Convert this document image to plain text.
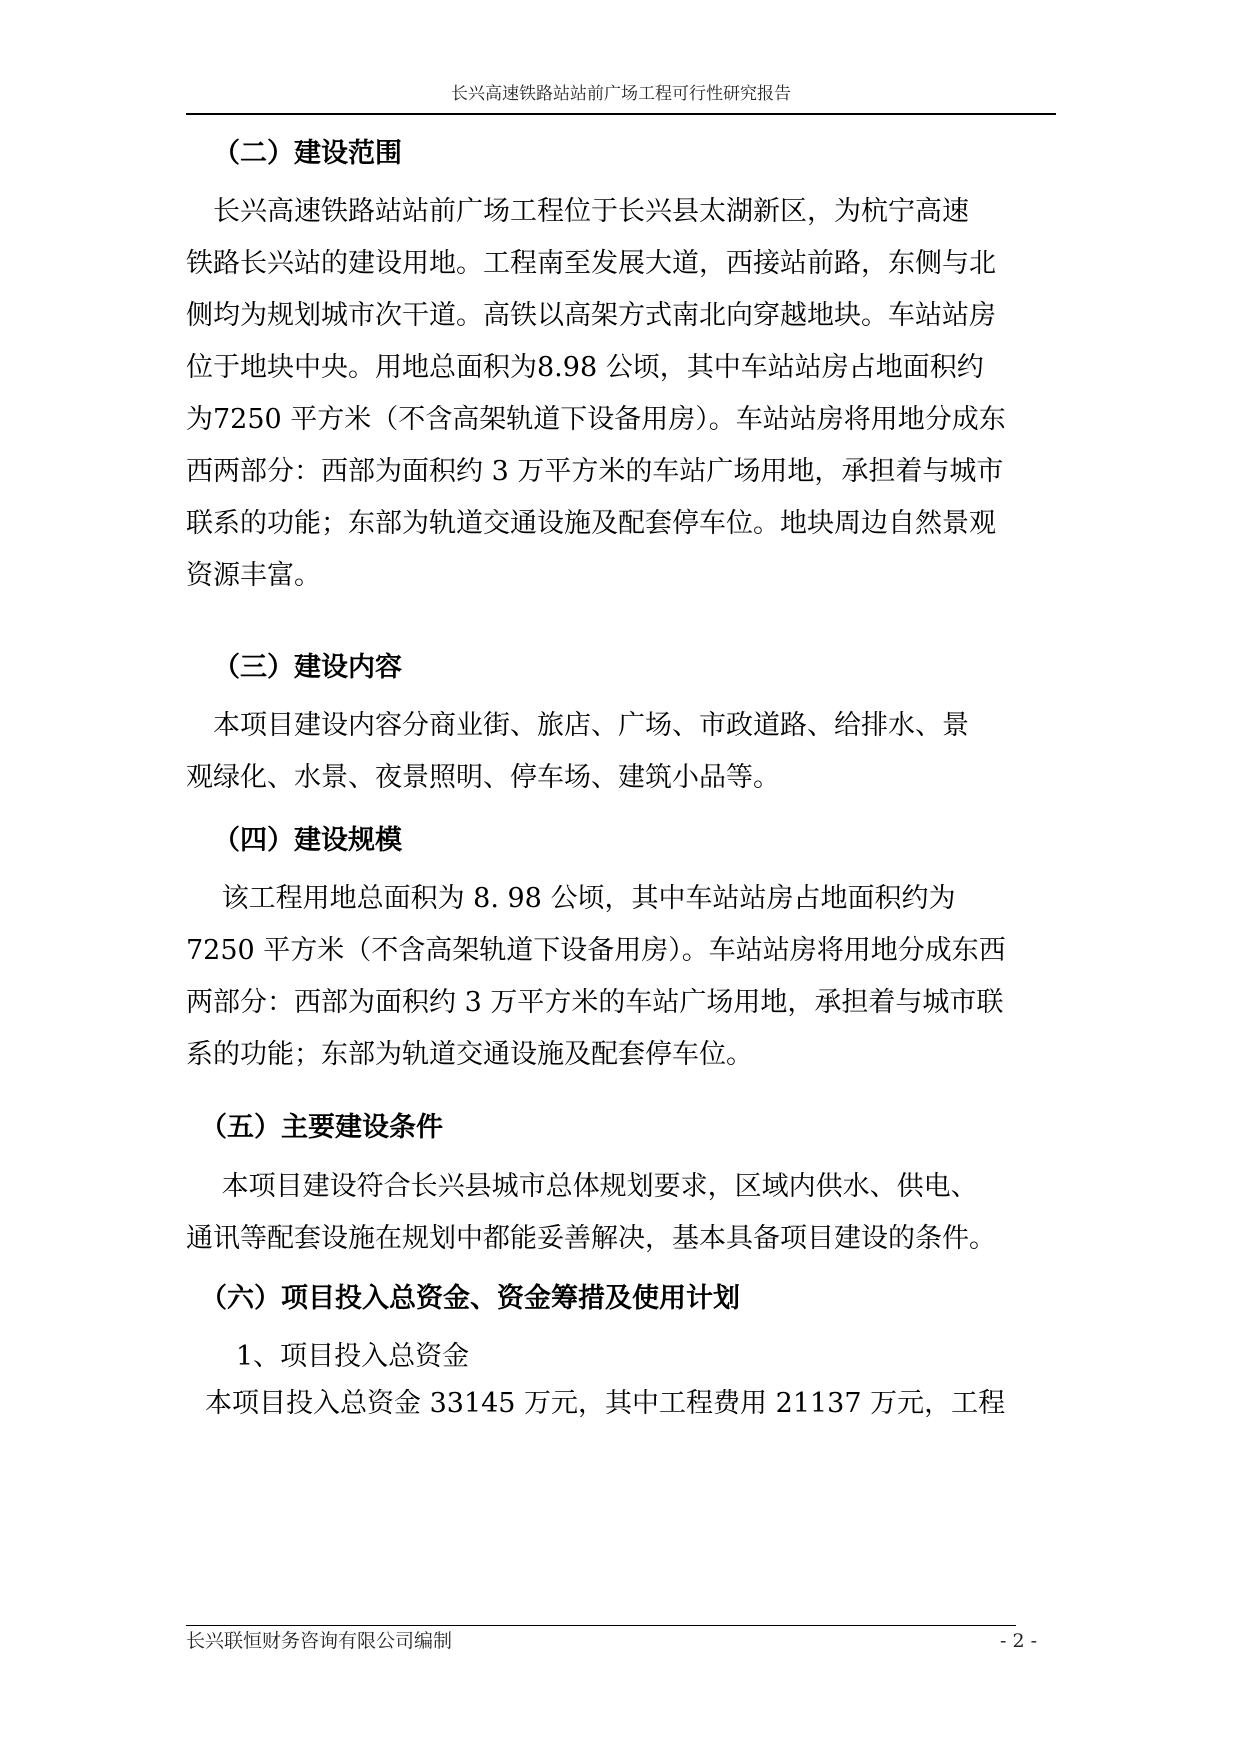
长兴高速铁路站站前广场工程可行性研究报告
（二）建设范围
　长兴高速铁路站站前广场工程位于长兴县太湖新区，为杭宁高速
铁路长兴站的建设用地。工程南至发展大道，西接站前路，东侧与北
侧均为规划城市次干道。高铁以高架方式南北向穿越地块。车站站房
位于地块中央。用地总面积为8.98 公顷，其中车站站房占地面积约
为7250 平方米（不含高架轨道下设备用房）。车站站房将用地分成东
西两部分：西部为面积约 3 万平方米的车站广场用地，承担着与城市
联系的功能；东部为轨道交通设施及配套停车位。地块周边自然景观
资源丰富。
（三）建设内容
　本项目建设内容分商业街、旅店、广场、市政道路、给排水、景
观绿化、水景、夜景照明、停车场、建筑小品等。
（四）建设规模
　 该工程用地总面积为 8. 98 公顷，其中车站站房占地面积约为
7250 平方米（不含高架轨道下设备用房）。车站站房将用地分成东西
两部分：西部为面积约 3 万平方米的车站广场用地，承担着与城市联
系的功能；东部为轨道交通设施及配套停车位。
（五）主要建设条件
　 本项目建设符合长兴县城市总体规划要求，区域内供水、供电、
通讯等配套设施在规划中都能妥善解决，基本具备项目建设的条件。
（六）项目投入总资金、资金筹措及使用计划
1、项目投入总资金
本项目投入总资金 33145 万元，其中工程费用 21137 万元，工程
长兴联恒财务咨询有限公司编制	- 2 -
